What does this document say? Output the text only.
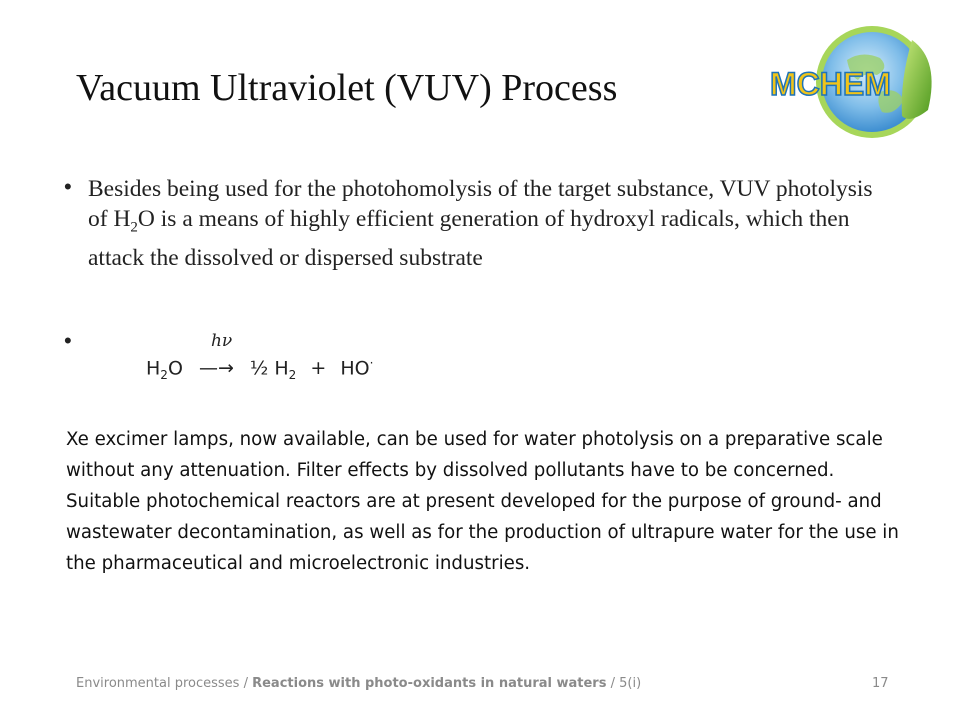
Vacuum Ultraviolet (VUV) Process	MCHEM
• Besides being used for the photohomolysis of the target substance, VUV photolysis of $H_2O$ is a means of highly efficient generation of hydroxyl radicals, which then attack the dissolved or dispersed substrate
•
$H_2O$
hν
—→ ½ $H_2 + HO^\cdot$

Xe excimer lamps, now available, can be used for water photolysis on a preparative scale without any attenuation. Filter effects by dissolved pollutants have to be concerned.

Suitable photochemical reactors are at present developed for the purpose of ground- and wastewater decontamination, as well as for the production of ultrapure water for the use in the pharmaceutical and microelectronic industries.

Environmental processes / Reactions with photo-oxidants in natural waters / 5(i)	17
